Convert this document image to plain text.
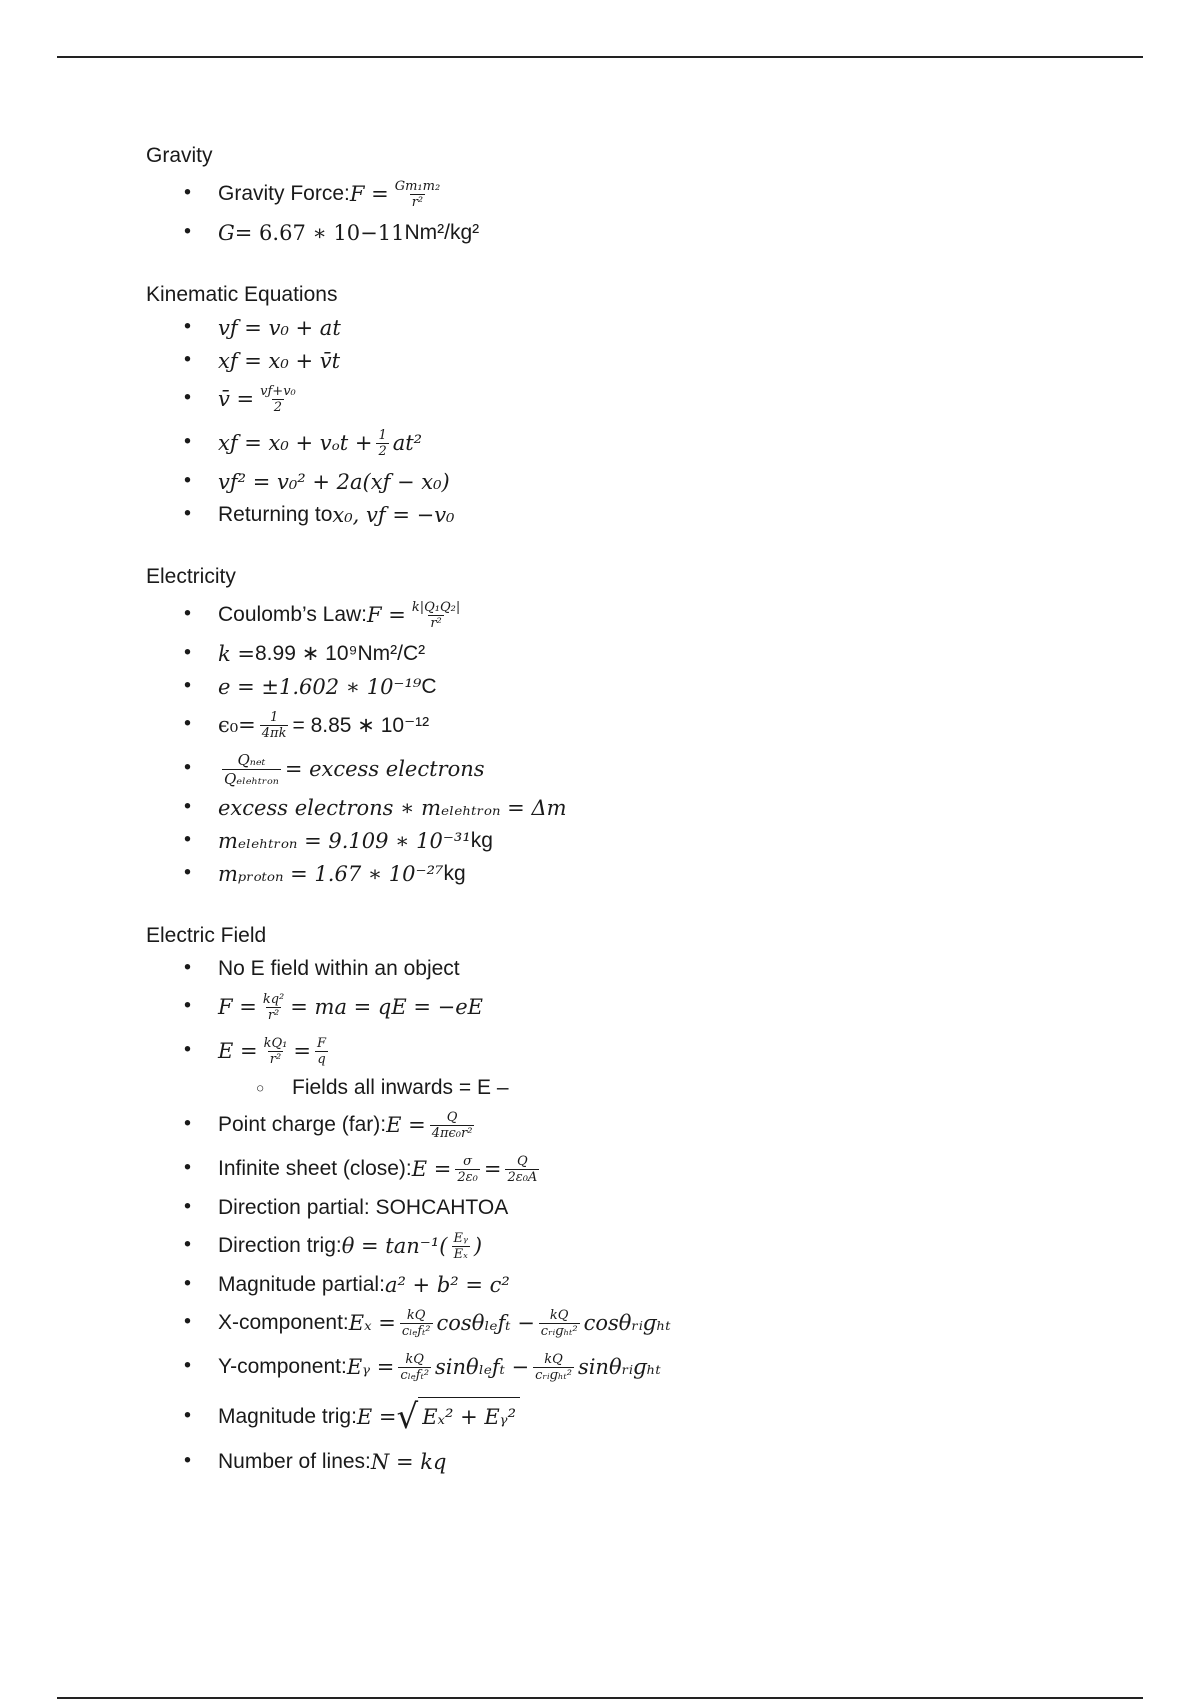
Gravity

• Gravity Force: $F = \frac{\text{Gm₁m₂}}{\text{r²}}$
• G = 6.67 ∗ 10 −11 Nm²/kg²

Kinematic Equations

• vƒ = v₀ + at
• xƒ = x₀ + v̄t
• v̄ = $\frac{\text{vƒ+v₀}}{2}$
• xƒ = $x_0 + v_ot + \frac{1}{2} at^2$
• vƒ² = v₀² + 2a(xƒ − x₀)
• Returning to x₀, vƒ = −v₀

Electricity

• Coulomb’s Law: $F = \frac{\text{k|Q₁Q₂|}}{\text{r²}}$
• k = 8.99 ∗ 10⁹ Nm²/C²
• e = ±1.602 ∗ 10⁻¹⁹ C
• $\epsilon_0= \frac{1}{4\pi k} = 8.85$ ∗ 10⁻¹²
• $\frac{\text{Qₙₑₜ}}{\text{Qₑₗₑₕₜᵣₒₙ}}$ = excess electrons
• excess electrons ∗ mₑₗₑₕₜᵣₒₙ = Δm
• mₑₗₑₕₜᵣₒₙ = 9.109 ∗ 10⁻³¹ kg
• mₚᵣₒₜₒₙ = 1.67 ∗ 10⁻²⁷ kg

Electric Field

• No E field within an object
• $F = \frac{\text{kq²}}{\text{r²}}$ = ma = qE = −eE
• $E = \frac{\text{kQ₁}}{\text{r²}} = \frac{F}{q}$
○ Fields all inwards = E –
• Point charge (far): $E = \frac{Q}{\text{4πϵ₀r²}}$
• Infinite sheet (close): $E = \frac{\sigma}{\text{2ε₀}} = \frac{Q}{\text{2ε₀A}}$
• Direction partial: SOHCAHTOA
• Direction trig: $\theta = \tan^{-1}( \frac{\text{Eᵧ}}{\text{Eₓ}}$ )
• Magnitude partial: a² + b² = c²
• X-component: $E_x = \frac{kQ}{\text{cₗₑƒₜ²}}$ cosθₗₑƒₜ − $\frac{kQ}{\text{cᵣᵢɡₕₜ²}}$ cosθᵣᵢɡₕₜ
• Y-component: Eᵧ = $\frac{kQ}{\text{cₗₑƒₜ²}}$ sinθₗₑƒₜ − $\frac{kQ}{\text{cᵣᵢɡₕₜ²}}$ sinθᵣᵢɡₕₜ
• Magnitude trig: E = √ Eₓ² + Eᵧ²
• Number of lines: N = kq
